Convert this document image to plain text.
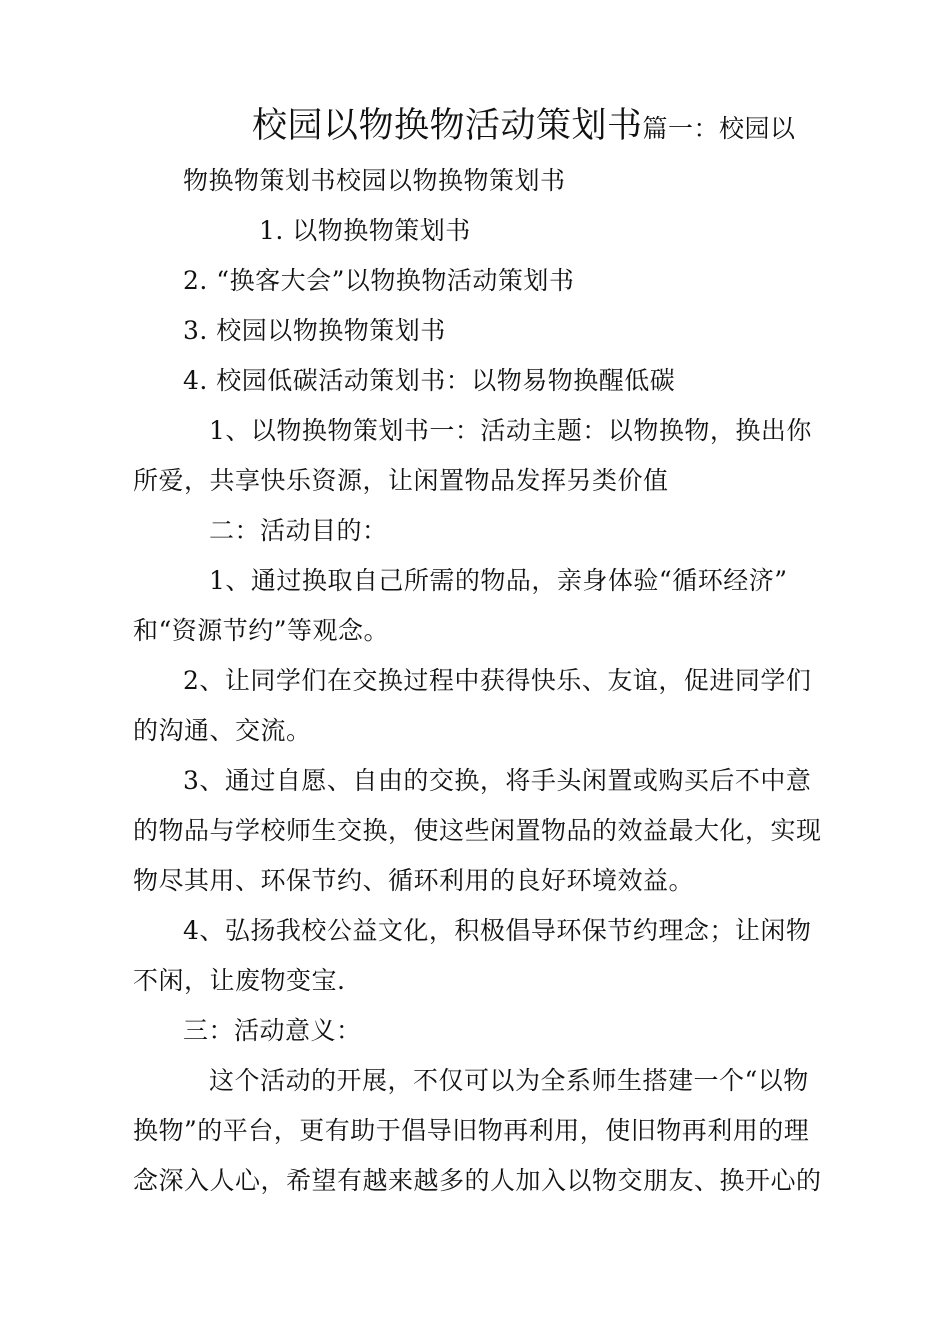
校园以物换物活动策划书篇一：校园以
物换物策划书校园以物换物策划书
1. 以物换物策划书
2. “换客大会”以物换物活动策划书
3. 校园以物换物策划书
4. 校园低碳活动策划书：以物易物换醒低碳
1、以物换物策划书一：活动主题：以物换物，换出你
所爱，共享快乐资源，让闲置物品发挥另类价值
二：活动目的：
1、通过换取自己所需的物品，亲身体验“循环经济”
和“资源节约”等观念。
2、让同学们在交换过程中获得快乐、友谊，促进同学们
的沟通、交流。
3、通过自愿、自由的交换，将手头闲置或购买后不中意
的物品与学校师生交换，使这些闲置物品的效益最大化，实现
物尽其用、环保节约、循环利用的良好环境效益。
4、弘扬我校公益文化，积极倡导环保节约理念；让闲物
不闲，让废物变宝.
三：活动意义：
这个活动的开展，不仅可以为全系师生搭建一个“以物
换物”的平台，更有助于倡导旧物再利用，使旧物再利用的理
念深入人心，希望有越来越多的人加入以物交朋友、换开心的
